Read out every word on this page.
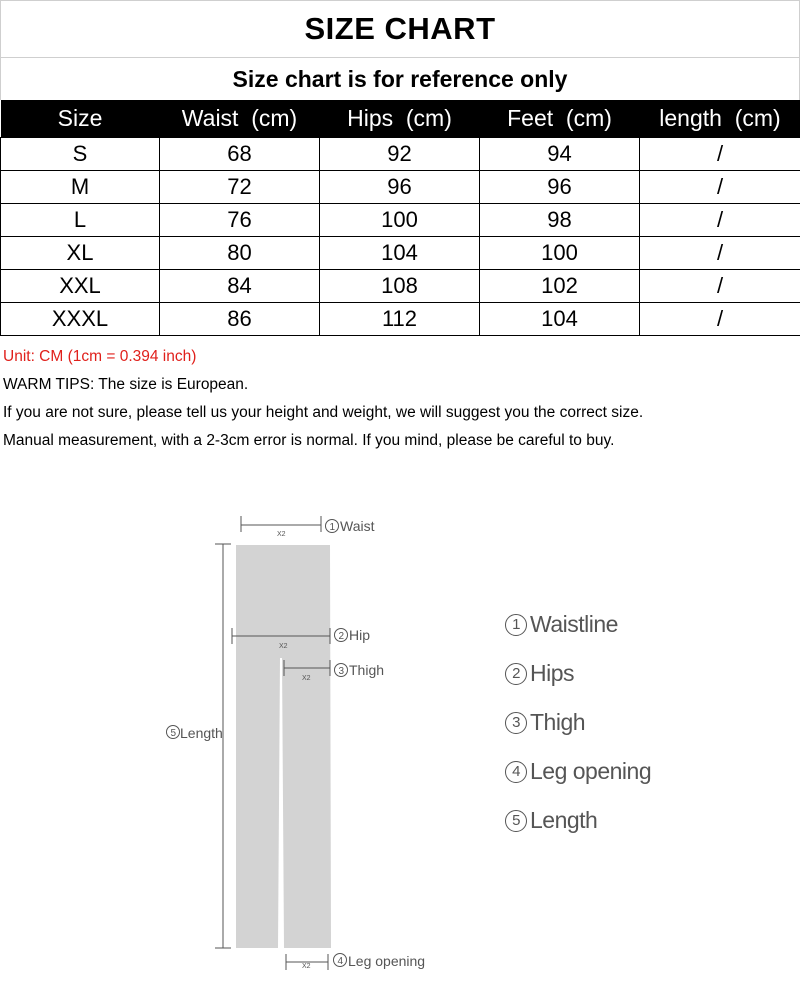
SIZE CHART
Size chart is for reference only
Size	Waist  (cm)	Hips  (cm)	Feet  (cm)	length  (cm)
S	68	92	94	/
M	72	96	96	/
L	76	100	98	/
XL	80	104	100	/
XXL	84	108	102	/
XXXL	86	112	104	/
Unit: CM (1cm = 0.394 inch)
WARM TIPS: The size is European.
If you are not sure, please tell us your height and weight, we will suggest you the correct size.
Manual measurement, with a 2-3cm error is normal. If you mind, please be careful to buy.
X2
1 Waist
X2
2 Hip
X2
3 Thigh
5 Length
X2	4 Leg opening
1 Waistline
2 Hips
3 Thigh
4 Leg opening
5 Length
